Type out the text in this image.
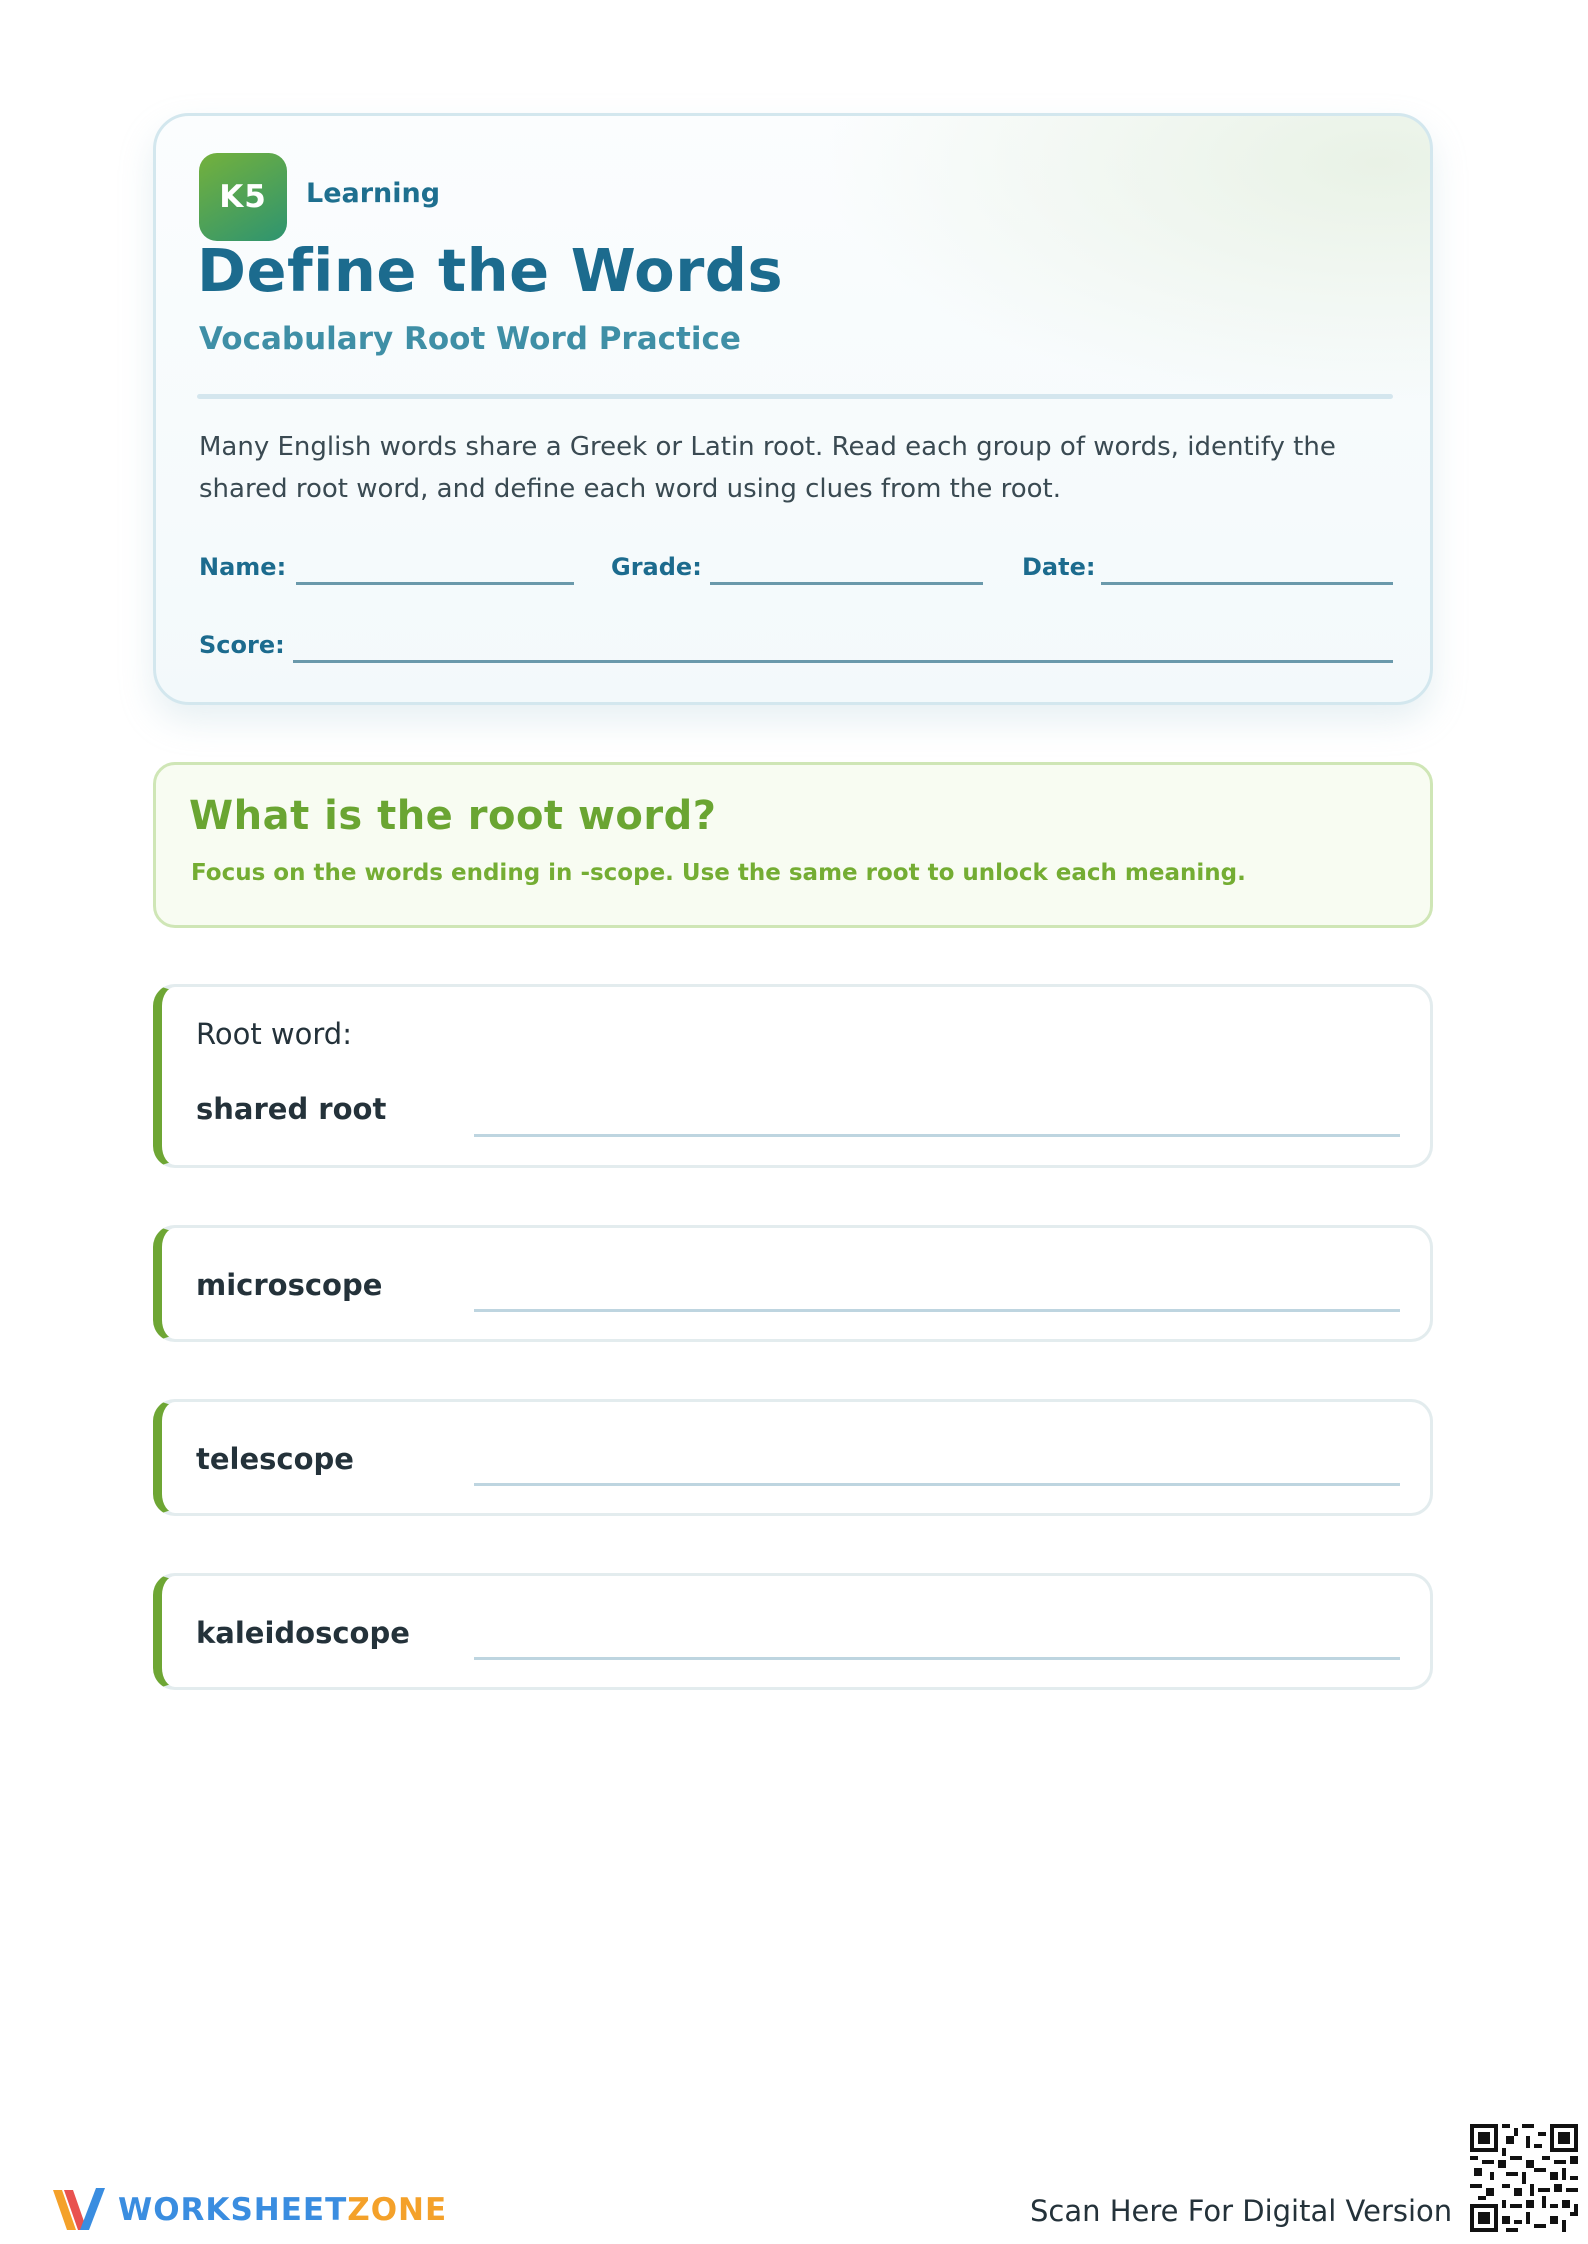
K5	Learning
Define the Words
Vocabulary Root Word Practice
Many English words share a Greek or Latin root. Read each group of words, identify the shared root word, and define each word using clues from the root.
Name:	Grade:	Date:
Score:
What is the root word?
Focus on the words ending in -scope. Use the same root to unlock each meaning.
Root word:
shared root
microscope
telescope
kaleidoscope
WORKSHEETZONE	Scan Here For Digital Version
